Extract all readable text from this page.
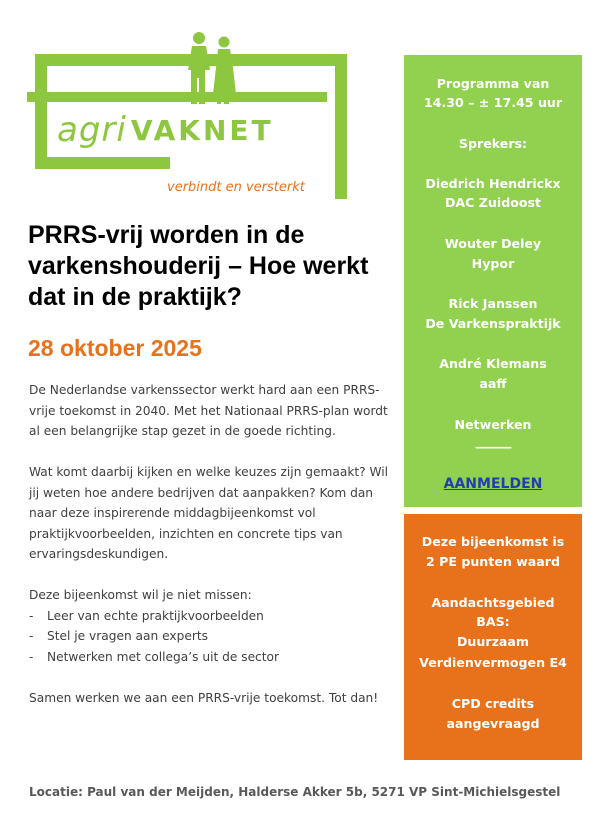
agri VAKNET
verbindt en versterkt
PRRS-vrij worden in de varkenshouderij – Hoe werkt dat in de praktijk?
28 oktober 2025

De Nederlandse varkenssector werkt hard aan een PRRS-vrije toekomst in 2040. Met het Nationaal PRRS-plan wordt al een belangrijke stap gezet in de goede richting.

Wat komt daarbij kijken en welke keuzes zijn gemaakt? Wil jij weten hoe andere bedrijven dat aanpakken? Kom dan naar deze inspirerende middagbijeenkomst vol praktijkvoorbeelden, inzichten en concrete tips van ervaringsdeskundigen.

Deze bijeenkomst wil je niet missen:
- Leer van echte praktijkvoorbeelden
- Stel je vragen aan experts
- Netwerken met collega’s uit de sector

Samen werken we aan een PRRS-vrije toekomst. Tot dan!

Locatie: Paul van der Meijden, Halderse Akker 5b, 5271 VP Sint-Michielsgestel
Programma van
14.30 – ± 17.45 uur
Sprekers:
Diedrich Hendrickx
DAC Zuidoost
Wouter Deley
Hypor
Rick Janssen
De Varkenspraktijk
André Klemans
aaff
Netwerken
―――
AANMELDEN
Deze bijeenkomst is
2 PE punten waard
Aandachtsgebied
BAS:
Duurzaam
Verdienvermogen E4
CPD credits
aangevraagd
